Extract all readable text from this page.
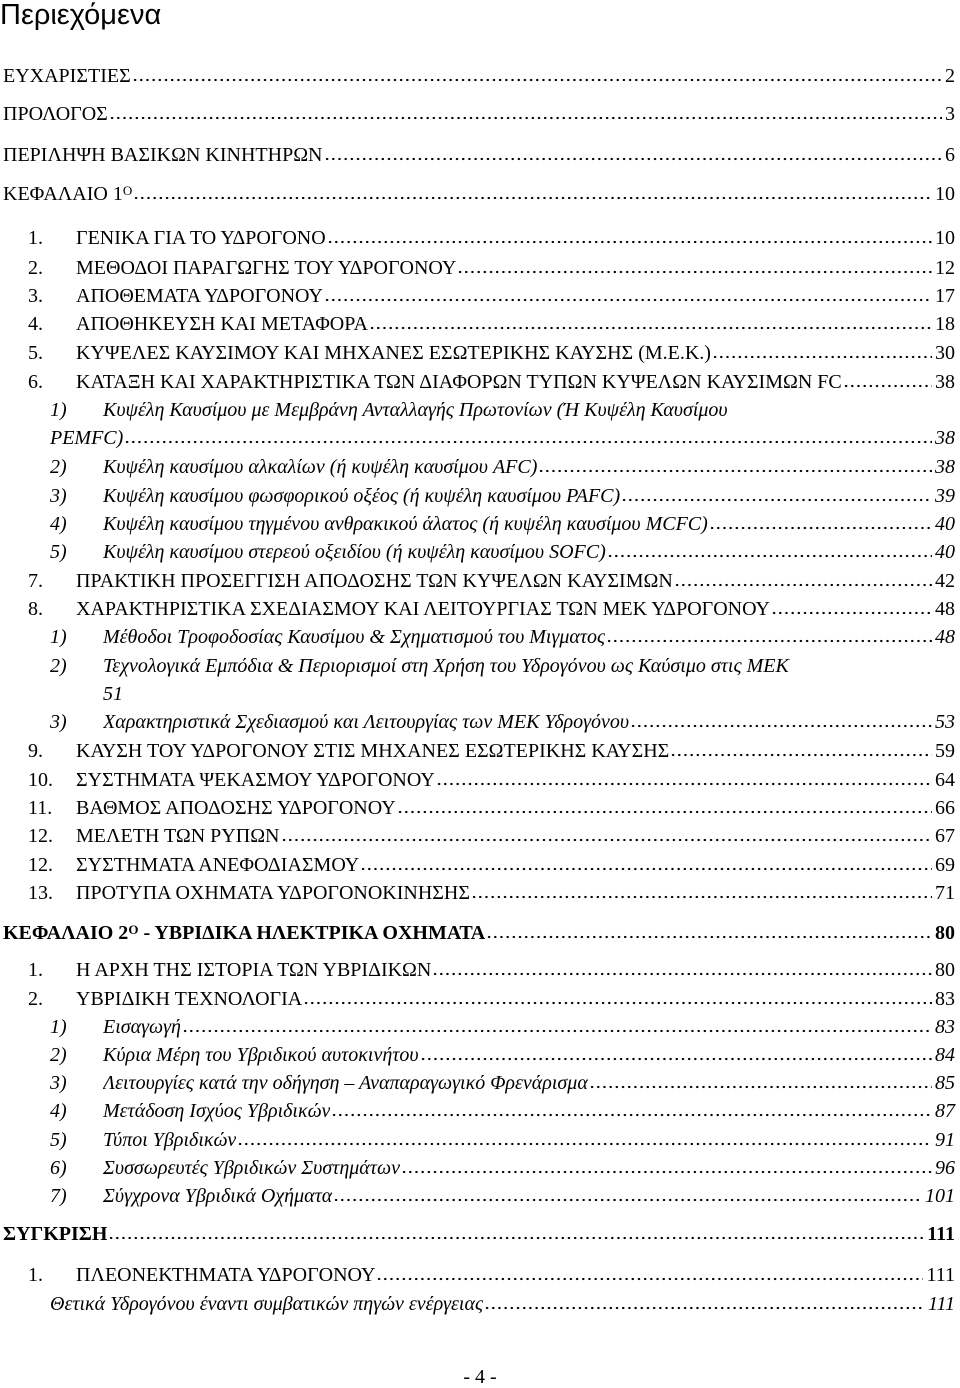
Περιεχόμενα
ΕΥΧΑΡΙΣΤΙΕΣ	2
ΠΡΟΛΟΓΟΣ	3
ΠΕΡΙΛΗΨΗ ΒΑΣΙΚΩΝ ΚΙΝΗΤΗΡΩΝ	6
ΚΕΦΑΛΑΙΟ $1^O$	10
1.	ΓΕΝΙΚΑ ΓΙΑ ΤΟ ΥΔΡΟΓΟΝΟ	10
2.	ΜΕΘΟΔΟΙ ΠΑΡΑΓΩΓΗΣ ΤΟΥ ΥΔΡΟΓΟΝΟΥ	12
3.	ΑΠΟΘΕΜΑΤΑ ΥΔΡΟΓΟΝΟΥ	17
4.	ΑΠΟΘΗΚΕΥΣΗ ΚΑΙ ΜΕΤΑΦΟΡΑ	18
5.	ΚΥΨΕΛΕΣ ΚΑΥΣΙΜΟΥ ΚΑΙ ΜΗΧΑΝΕΣ ΕΣΩΤΕΡΙΚΗΣ ΚΑΥΣΗΣ (Μ.Ε.Κ.)	30
6.	ΚΑΤΑΞΗ ΚΑΙ ΧΑΡΑΚΤΗΡΙΣΤΙΚΑ ΤΩΝ ΔΙΑΦΟΡΩΝ ΤΥΠΩΝ ΚΥΨΕΛΩΝ ΚΑΥΣΙΜΩΝ FC	38
1) Κυψέλη Καυσίμου με Μεμβράνη Ανταλλαγής Πρωτονίων (Ή Κυψέλη Καυσίμου
PEMFC)	38
2)	Κυψέλη καυσίμου αλκαλίων (ή κυψέλη καυσίμου AFC)	38
3)	Κυψέλη καυσίμου φωσφορικού οξέος (ή κυψέλη καυσίμου PAFC)	39
4)	Κυψέλη καυσίμου τηγμένου ανθρακικού άλατος (ή κυψέλη καυσίμου MCFC)	40
5)	Κυψέλη καυσίμου στερεού οξειδίου (ή κυψέλη καυσίμου SOFC)	40
7.	ΠΡΑΚΤΙΚΗ ΠΡΟΣΕΓΓΙΣΗ ΑΠΟΔΟΣΗΣ ΤΩΝ ΚΥΨΕΛΩΝ ΚΑΥΣΙΜΩΝ	42
8.	ΧΑΡΑΚΤΗΡΙΣΤΙΚΑ ΣΧΕΔΙΑΣΜΟΥ ΚΑΙ ΛΕΙΤΟΥΡΓΙΑΣ ΤΩΝ ΜΕΚ ΥΔΡΟΓΟΝΟΥ	48
1)	Μέθοδοι Τροφοδοσίας Καυσίμου & Σχηματισμού του Μιγματος	48
2) Τεχνολογικά Εμπόδια & Περιορισμοί στη Χρήση του Υδρογόνου ως Καύσιμο στις ΜΕΚ
51
3)	Χαρακτηριστικά Σχεδιασμού και Λειτουργίας των ΜΕΚ Υδρογόνου	53
9.	ΚΑΥΣΗ ΤΟΥ ΥΔΡΟΓΟΝΟΥ ΣΤΙΣ ΜΗΧΑΝΕΣ ΕΣΩΤΕΡΙΚΗΣ ΚΑΥΣΗΣ	59
10.	ΣΥΣΤΗΜΑΤΑ ΨΕΚΑΣΜΟΥ ΥΔΡΟΓΟΝΟΥ	64
11.	ΒΑΘΜΟΣ ΑΠΟΔΟΣΗΣ ΥΔΡΟΓΟΝΟΥ	66
12.	ΜΕΛΕΤΗ ΤΩΝ ΡΥΠΩΝ	67
12.	ΣΥΣΤΗΜΑΤΑ ΑΝΕΦΟΔΙΑΣΜΟΥ	69
13.	ΠΡΟΤΥΠΑ ΟΧΗΜΑΤΑ ΥΔΡΟΓΟΝΟΚΙΝΗΣΗΣ	71
ΚΕΦΑΛΑΙΟ $2^O$ - ΥΒΡΙΔΙΚΑ ΗΛΕΚΤΡΙΚΑ ΟΧΗΜΑΤΑ	80
1.	Η ΑΡΧΗ ΤΗΣ ΙΣΤΟΡΙΑ ΤΩΝ ΥΒΡΙΔΙΚΩΝ	80
2.	ΥΒΡΙΔΙΚΗ ΤΕΧΝΟΛΟΓΙΑ	83
1)	Εισαγωγή	83
2)	Κύρια Μέρη του Υβριδικού αυτοκινήτου	84
3)	Λειτουργίες κατά την οδήγηση – Αναπαραγωγικό Φρενάρισμα	85
4)	Μετάδοση Ισχύος Υβριδικών	87
5)	Τύποι Υβριδικών	91
6)	Συσσωρευτές Υβριδικών Συστημάτων	96
7)	Σύγχρονα Υβριδικά Οχήματα	101
ΣΥΓΚΡΙΣΗ	111
1.	ΠΛΕΟΝΕΚΤΗΜΑΤΑ ΥΔΡΟΓΟΝΟΥ	111
Θετικά Υδρογόνου έναντι συμβατικών πηγών ενέργειας	111
- 4 -
